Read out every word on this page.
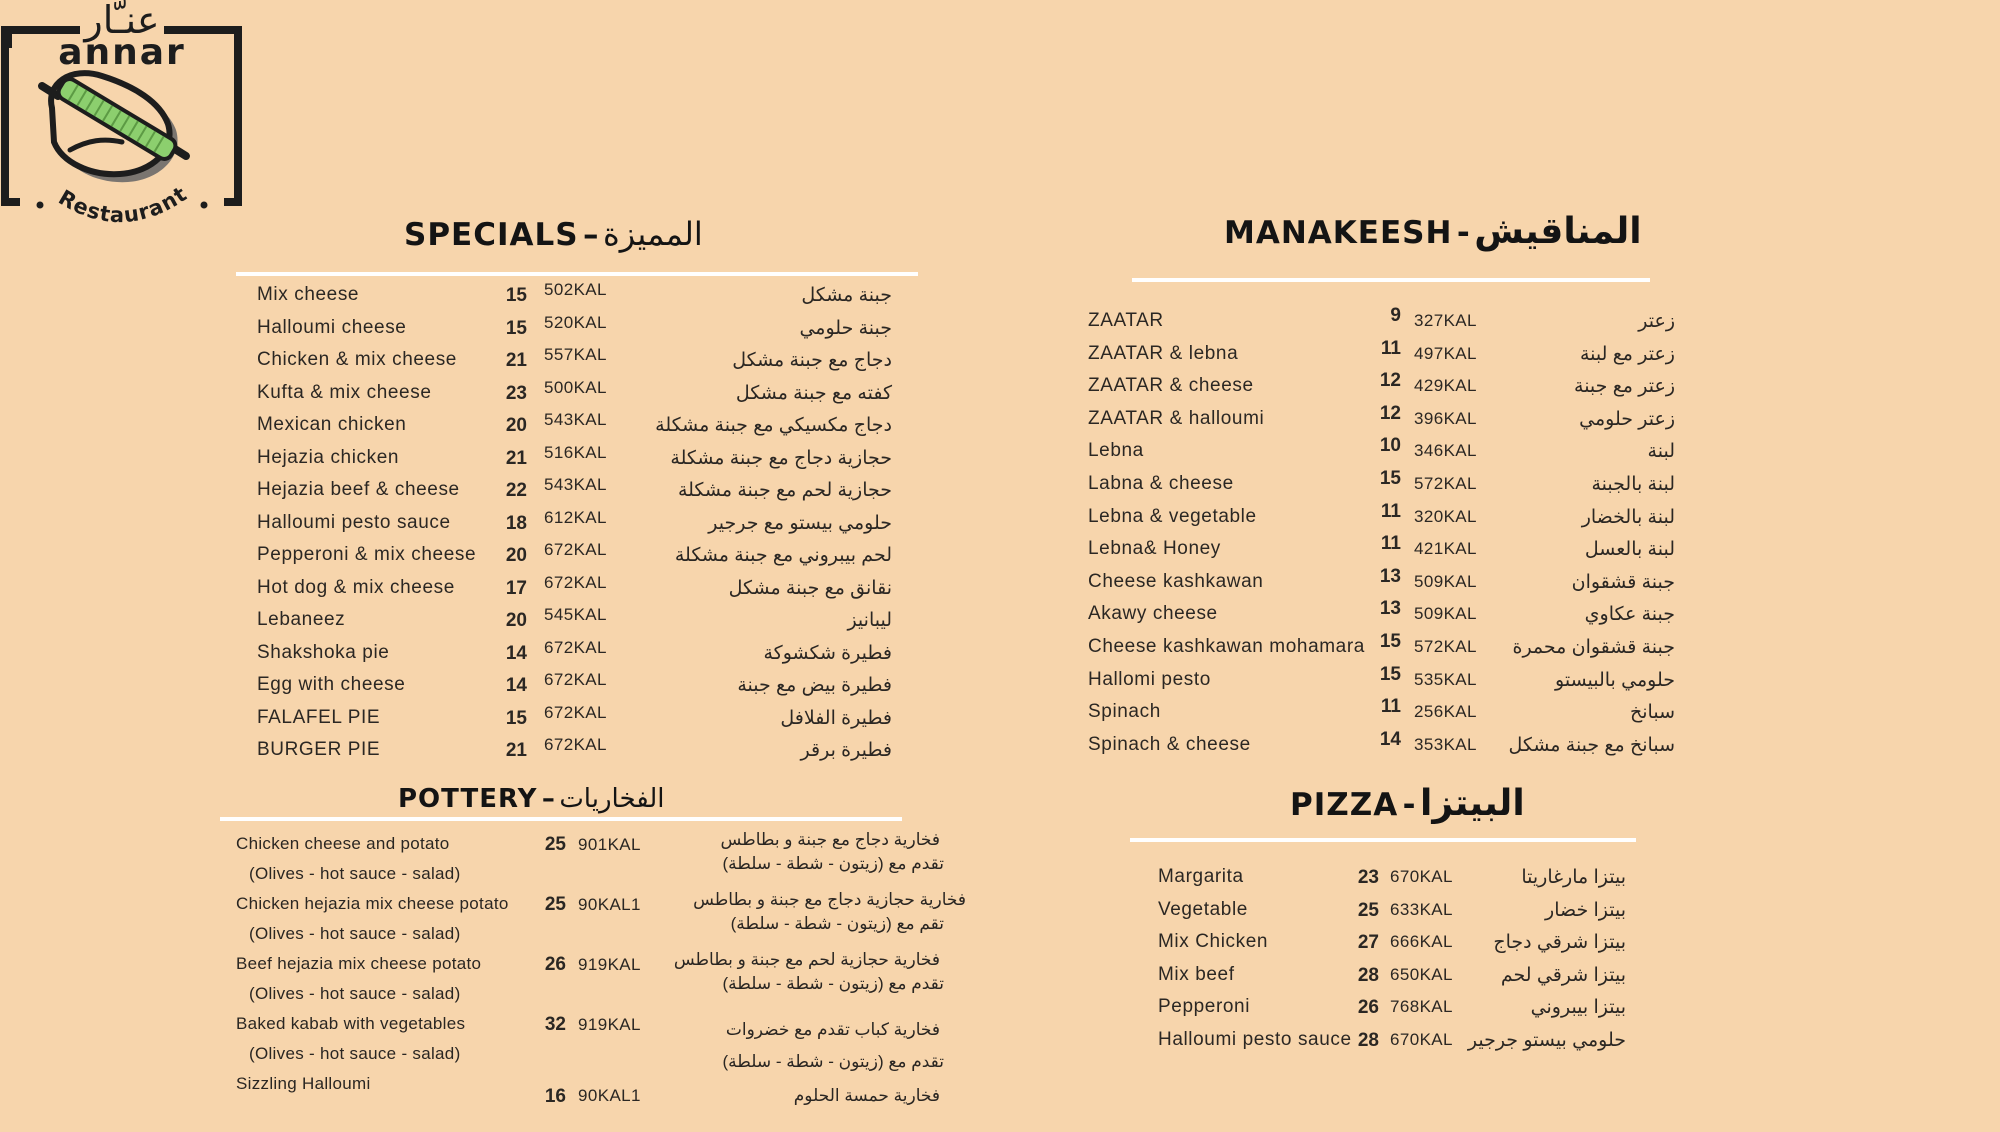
عنـّار
annar
Restaurant
SPECIALS – المميزة
Mix cheese	15 502KAL	جبنة مشكل
Halloumi cheese	15 520KAL	جبنة حلومي
Chicken & mix cheese	21 557KAL	دجاج مع جبنة مشكل
Kufta & mix cheese	23 500KAL	كفته مع جبنة مشكل
Mexican chicken	20 543KAL	دجاج مكسيكي مع جبنة مشكلة
Hejazia chicken	21 516KAL	حجازية دجاج مع جبنة مشكلة
Hejazia beef & cheese 22 543KAL	حجازية لحم مع جبنة مشكلة
Halloumi pesto sauce	18 612KAL	حلومي بيستو مع جرجير
Pepperoni & mix cheese 20 672KAL	لحم بيبروني مع جبنة مشكلة
Hot dog & mix cheese	17 672KAL	نقانق مع جبنة مشكل
Lebaneez	20 545KAL	ليبانيز
Shakshoka pie	14 672KAL	فطيرة شكشوكة
Egg with cheese	14 672KAL	فطيرة بيض مع جبنة
FALAFEL PIE	15 672KAL	فطيرة الفلافل
BURGER PIE	21 672KAL	فطيرة برقر
MANAKEESH - المناقيش
ZAATAR	9 327KAL	زعتر
ZAATAR & lebna	11 497KAL	زعتر مع لبنة
ZAATAR & cheese	12 429KAL	زعتر مع جبنة
ZAATAR & halloumi	12 396KAL	زعتر حلومي
Lebna	10 346KAL	لبنة
Labna & cheese	15 572KAL	لبنة بالجبنة
Lebna & vegetable	11 320KAL	لبنة بالخضار
Lebna& Honey	11 421KAL	لبنة بالعسل
Cheese kashkawan	13 509KAL	جبنة قشقوان
Akawy cheese	13 509KAL	جبنة عكاوي
Cheese kashkawan mohamara 15 572KAL جبنة قشقوان محمرة
Hallomi pesto	15 535KAL	حلومي بالبيستو
Spinach	11 256KAL	سبانخ
Spinach & cheese	14 353KAL سبانخ مع جبنة مشكل
POTTERY – الفخاريات
Chicken cheese and potato
(Olives - hot sauce - salad)
25 901KAL	فخارية دجاج مع جبنة و بطاطس
تقدم مع (زيتون - شطة - سلطة)
Chicken hejazia mix cheese potato
(Olives - hot sauce - salad)
25 90KAL1	فخارية حجازية دجاج مع جبنة و بطاطس
تقم مع (زيتون - شطة - سلطة)
Beef hejazia mix cheese potato
(Olives - hot sauce - salad)
26 919KAL فخارية حجازية لحم مع جبنة و بطاطس
تقدم مع (زيتون - شطة - سلطة)
Baked kabab with vegetables
(Olives - hot sauce - salad)
32 919KAL	فخارية كباب تقدم مع خضروات
تقدم مع (زيتون - شطة - سلطة)
Sizzling Halloumi
16 90KAL1	فخارية حمسة الحلوم
PIZZA - البيتزا
Margarita	23 670KAL	بيتزا مارغاريتا
Vegetable	25 633KAL	بيتزا خضار
Mix Chicken	27 666KAL بيتزا شرقي دجاج
Mix beef	28 650KAL	بيتزا شرقي لحم
Pepperoni	26 768KAL	بيتزا بيبروني
Halloumi pesto sauce 28 670KAL حلومي بيستو جرجير
